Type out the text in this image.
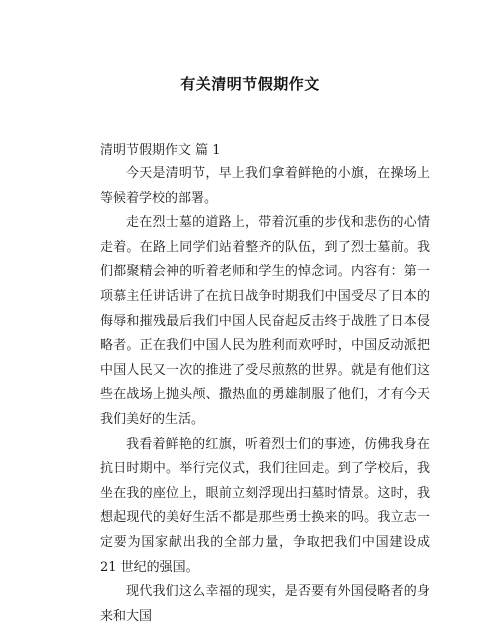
有关清明节假期作文
清明节假期作文 篇 1

今天是清明节，早上我们拿着鲜艳的小旗，在操场上等候着学校的部署。

走在烈士墓的道路上，带着沉重的步伐和悲伤的心情走着。在路上同学们站着整齐的队伍，到了烈士墓前。我们都聚精会神的听着老师和学生的悼念词。内容有：第一项慕主任讲话讲了在抗日战争时期我们中国受尽了日本的侮辱和摧残最后我们中国人民奋起反击终于战胜了日本侵略者。正在我们中国人民为胜利而欢呼时，中国反动派把中国人民又一次的推进了受尽煎熬的世界。就是有他们这些在战场上抛头颅、撒热血的勇雄制服了他们，才有今天我们美好的生活。

我看着鲜艳的红旗，听着烈士们的事迹，仿佛我身在抗日时期中。举行完仪式，我们往回走。到了学校后，我坐在我的座位上，眼前立刻浮现出扫墓时情景。这时，我想起现代的美好生活不都是那些勇士换来的吗。我立志一定要为国家献出我的全部力量，争取把我们中国建设成 21 世纪的强国。

现代我们这么幸福的现实，是否要有外国侵略者的身来和大国
